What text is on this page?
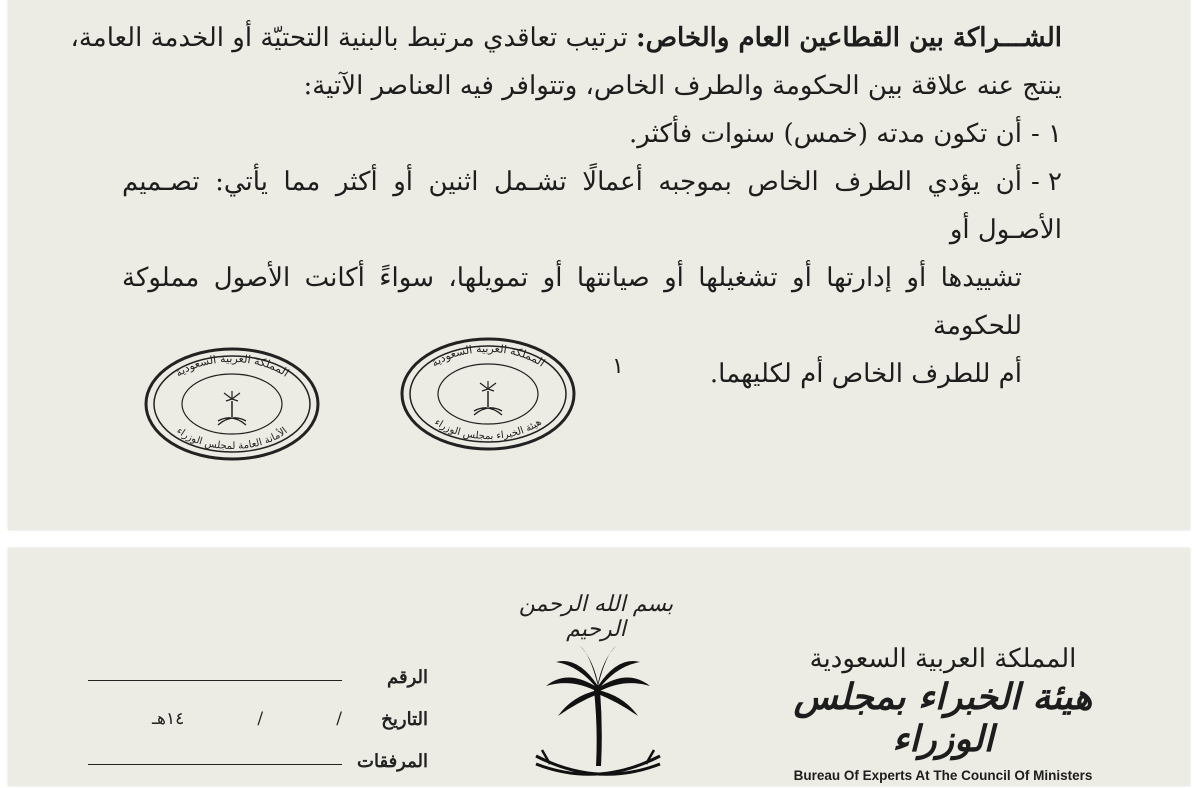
الشـــراكة بين القطاعين العام والخاص: ترتيب تعاقدي مرتبط بالبنية التحتيّة أو الخدمة العامة،
ينتج عنه علاقة بين الحكومة والطرف الخاص، وتتوافر فيه العناصر الآتية:
١ -أن تكون مدته (خمس) سنوات فأكثر.
٢ -أن يؤدي الطرف الخاص بموجبه أعمالًا تشـمل اثنين أو أكثر مما يأتي: تصـميم الأصـول أو
تشييدها أو إدارتها أو تشغيلها أو صيانتها أو تمويلها، سواءً أكانت الأصول مملوكة للحكومة
أم للطرف الخاص أم لكليهما.
١
المملكة العربية السعودية
الأمانة العامة لمجلس الوزراء
المملكة العربية السعودية
هيئة الخبراء بمجلس الوزراء
الرقم
التاريخ
/
/
١٤هـ
المرفقات
بسم الله الرحمن الرحيم
المملكة العربية السعودية
هيئة الخبراء بمجلس الوزراء
Bureau Of Experts At The Council Of Ministers
